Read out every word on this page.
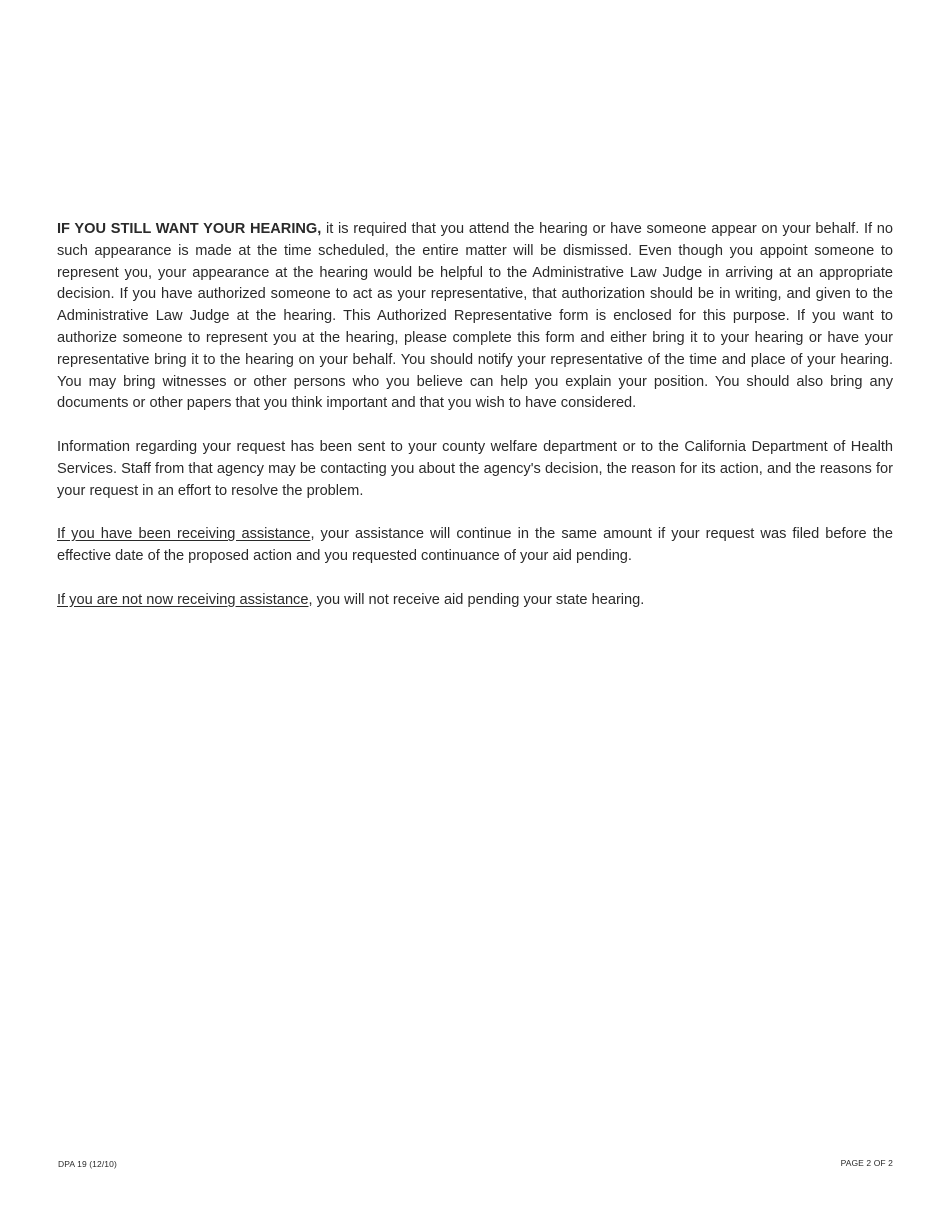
IF YOU STILL WANT YOUR HEARING, it is required that you attend the hearing or have someone appear on your behalf. If no such appearance is made at the time scheduled, the entire matter will be dismissed. Even though you appoint someone to represent you, your appearance at the hearing would be helpful to the Administrative Law Judge in arriving at an appropriate decision. If you have authorized someone to act as your representative, that authorization should be in writing, and given to the Administrative Law Judge at the hearing. This Authorized Representative form is enclosed for this purpose. If you want to authorize someone to represent you at the hearing, please complete this form and either bring it to your hearing or have your representative bring it to the hearing on your behalf. You should notify your representative of the time and place of your hearing. You may bring witnesses or other persons who you believe can help you explain your position. You should also bring any documents or other papers that you think important and that you wish to have considered.

Information regarding your request has been sent to your county welfare department or to the California Department of Health Services. Staff from that agency may be contacting you about the agency's decision, the reason for its action, and the reasons for your request in an effort to resolve the problem.

If you have been receiving assistance, your assistance will continue in the same amount if your request was filed before the effective date of the proposed action and you requested continuance of your aid pending.

If you are not now receiving assistance, you will not receive aid pending your state hearing.

DPA 19 (12/10)	PAGE 2 OF 2
